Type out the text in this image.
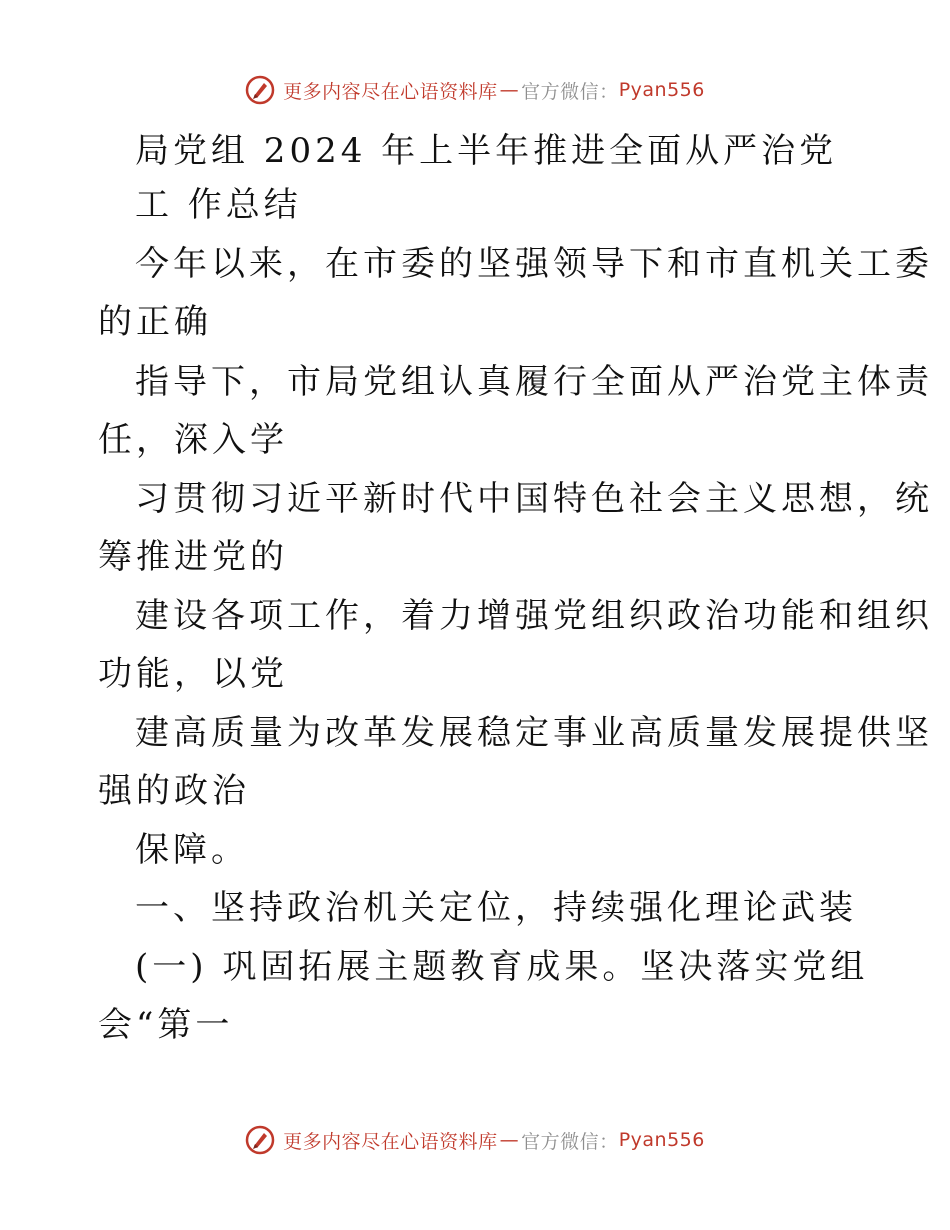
更多内容尽在心语资料库 — 官方微信： Pyan556
局党组 2024 年上半年推进全面从严治党
工 作总结
今年以来，在市委的坚强领导下和市直机关工委
的正确
指导下，市局党组认真履行全面从严治党主体责
任，深入学
习贯彻习近平新时代中国特色社会主义思想，统
筹推进党的
建设各项工作，着力增强党组织政治功能和组织
功能，以党
建高质量为改革发展稳定事业高质量发展提供坚
强的政治
保障。
一、坚持政治机关定位，持续强化理论武装
(一) 巩固拓展主题教育成果。坚决落实党组
会“第一
更多内容尽在心语资料库 — 官方微信： Pyan556
